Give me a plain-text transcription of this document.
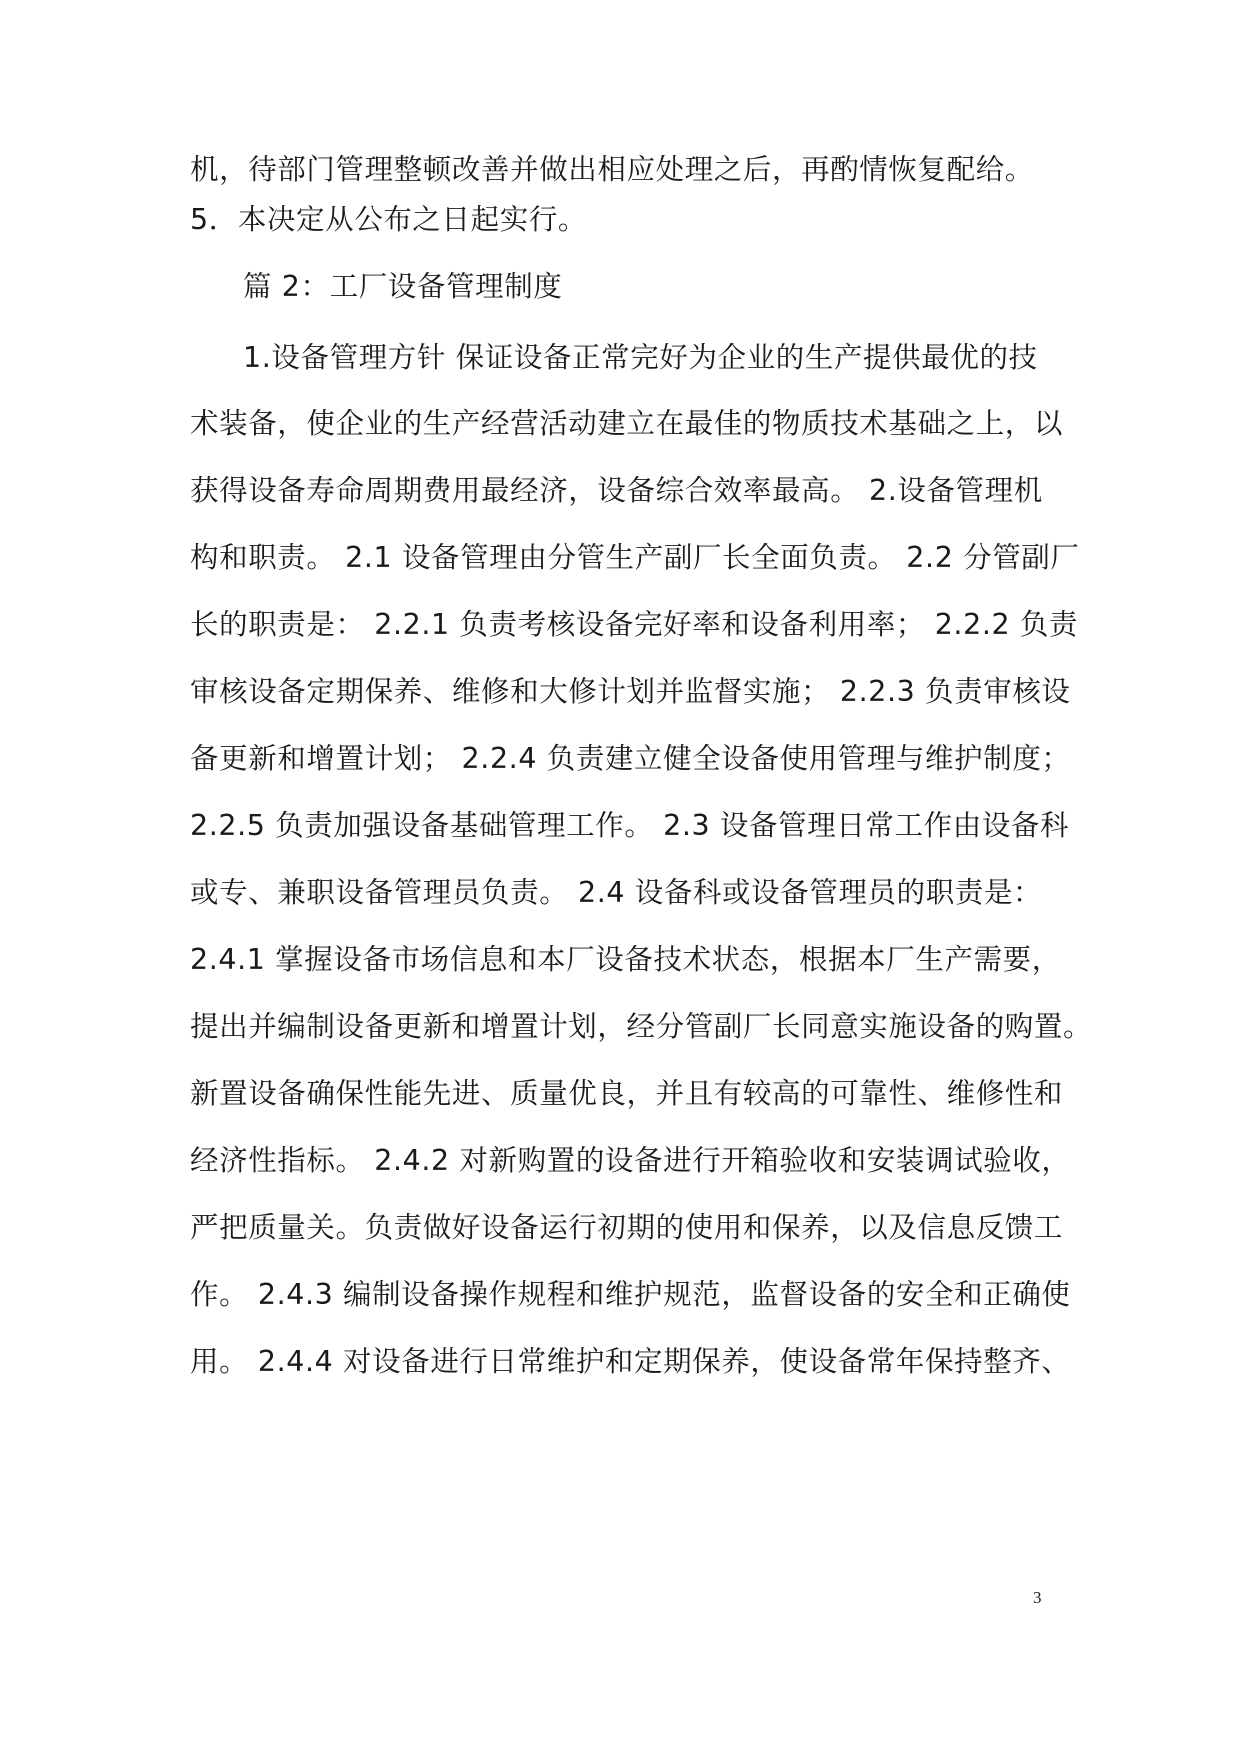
机，待部门管理整顿改善并做出相应处理之后，再酌情恢复配给。
5．本决定从公布之日起实行。
篇 2：工厂设备管理制度
1.设备管理方针 保证设备正常完好为企业的生产提供最优的技
术装备，使企业的生产经营活动建立在最佳的物质技术基础之上，以
获得设备寿命周期费用最经济，设备综合效率最高。 2.设备管理机
构和职责。 2.1 设备管理由分管生产副厂长全面负责。 2.2 分管副厂
长的职责是： 2.2.1 负责考核设备完好率和设备利用率； 2.2.2 负责
审核设备定期保养、维修和大修计划并监督实施； 2.2.3 负责审核设
备更新和增置计划； 2.2.4 负责建立健全设备使用管理与维护制度；
2.2.5 负责加强设备基础管理工作。 2.3 设备管理日常工作由设备科
或专、兼职设备管理员负责。 2.4 设备科或设备管理员的职责是：
2.4.1 掌握设备市场信息和本厂设备技术状态，根据本厂生产需要，
提出并编制设备更新和增置计划，经分管副厂长同意实施设备的购置。
新置设备确保性能先进、质量优良，并且有较高的可靠性、维修性和
经济性指标。 2.4.2 对新购置的设备进行开箱验收和安装调试验收，
严把质量关。负责做好设备运行初期的使用和保养，以及信息反馈工
作。 2.4.3 编制设备操作规程和维护规范，监督设备的安全和正确使
用。 2.4.4 对设备进行日常维护和定期保养，使设备常年保持整齐、
3
